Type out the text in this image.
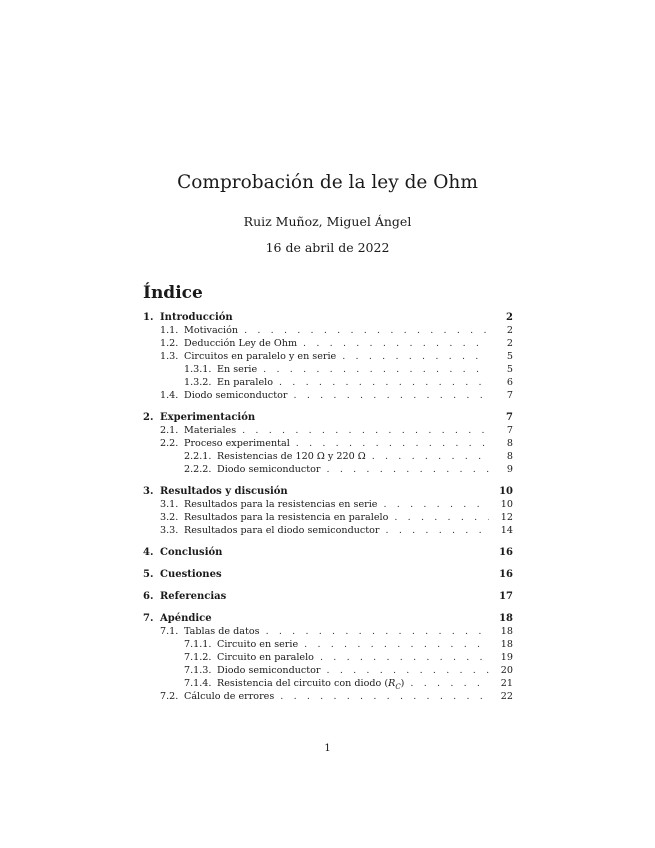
Comprobación de la ley de Ohm
Ruiz Muñoz, Miguel Ángel
16 de abril de 2022
Índice
1. Introducción	2
1.1. Motivación . . .	2
1.2. Deducción Ley de Ohm . . .	2
1.3. Circuitos en paralelo y en serie . . .	5
1.3.1. En serie . . .	5
1.3.2. En paralelo . . .	6
1.4. Diodo semiconductor . . .	7
2. Experimentación	7
2.1. Materiales . . .	7
2.2. Proceso experimental . . .	8
2.2.1. Resistencias de 120 Ω y 220 Ω . . .	8
2.2.2. Diodo semiconductor . . .	9
3. Resultados y discusión	10
3.1. Resultados para la resistencias en serie . . .	10
3.2. Resultados para la resistencia en paralelo . . .	12
3.3. Resultados para el diodo semiconductor . . .	14
4. Conclusión	16
5. Cuestiones	16
6. Referencias	17
7. Apéndice	18
7.1. Tablas de datos . . .	18
7.1.1. Circuito en serie . . .	18
7.1.2. Circuito en paralelo . . .	19
7.1.3. Diodo semiconductor . . .	20
7.1.4. Resistencia del circuito con diodo $(R_C)$ . . .	21
7.2. Cálculo de errores . . .	22
1
